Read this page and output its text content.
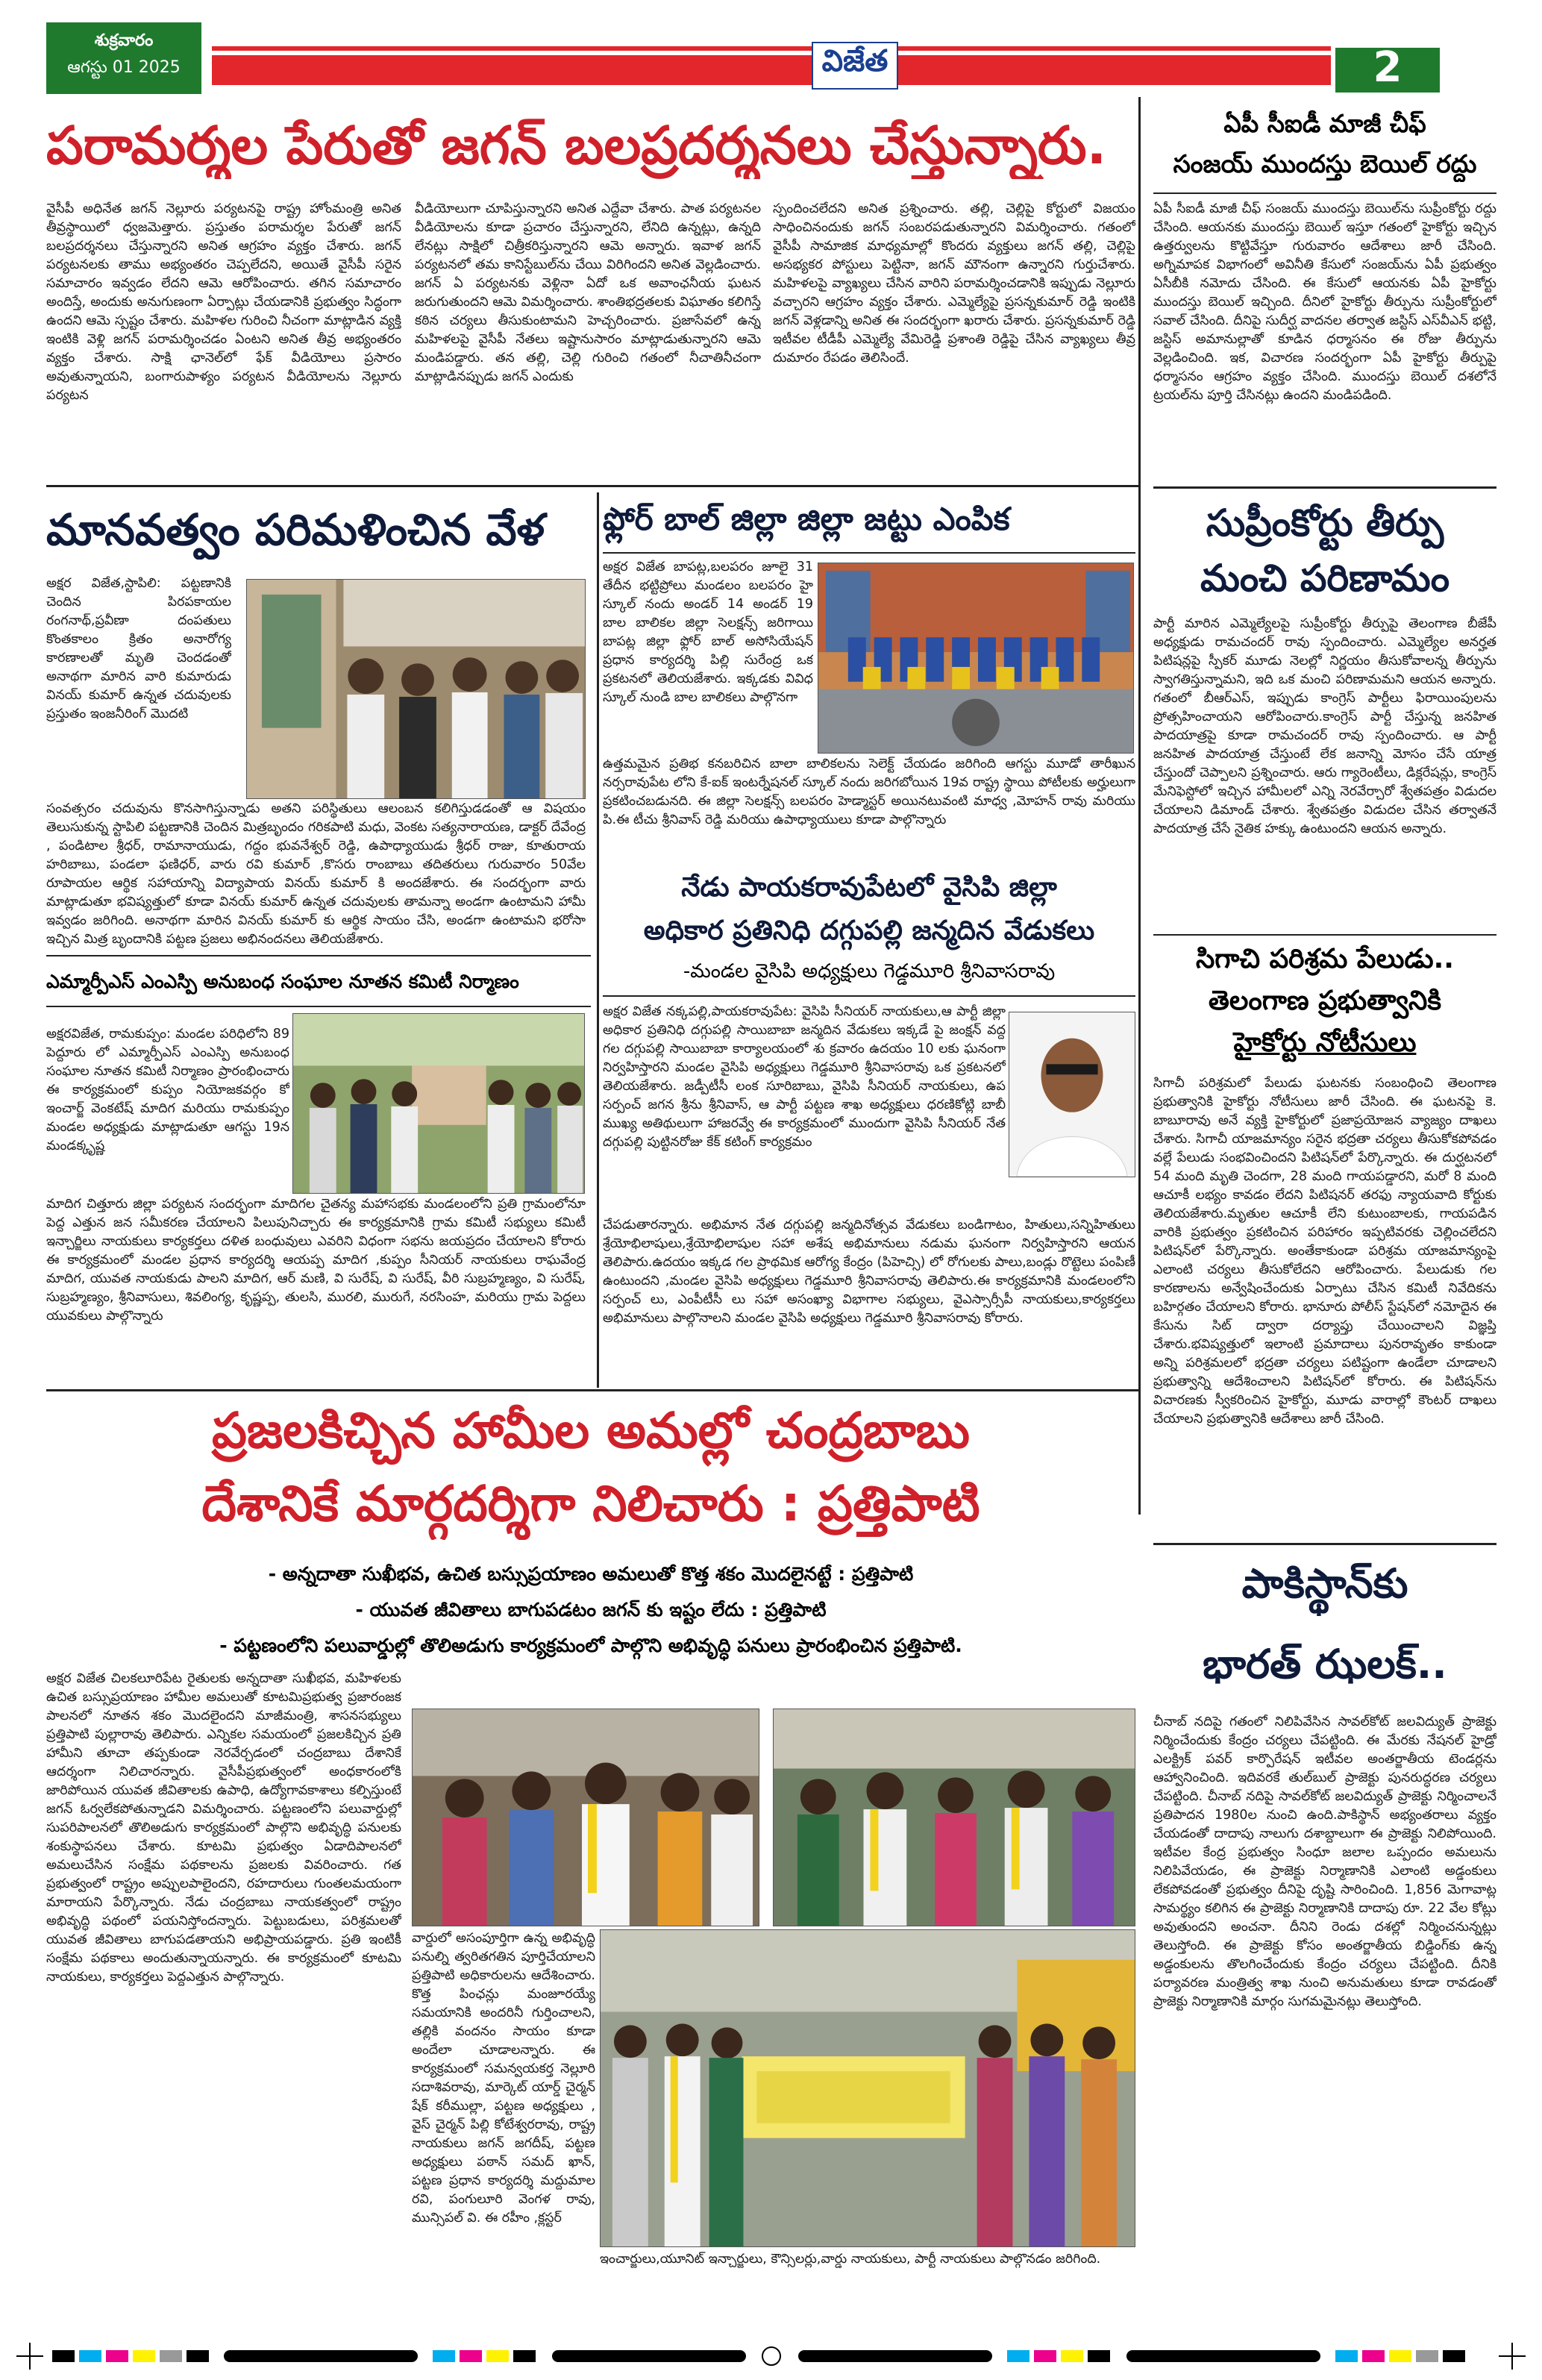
శుక్రవారం
ఆగస్టు 01 2025	విజేత	2
పరామర్శల పేరుతో జగన్ బలప్రదర్శనలు చేస్తున్నారు.
వైసీపీ అధినేత జగన్ నెల్లూరు పర్యటనపై రాష్ట్ర హోంమంత్రి అనిత తీవ్రస్థాయిలో ధ్వజమెత్తారు. ప్రస్తుతం పరామర్శల పేరుతో జగన్ బలప్రదర్శనలు చేస్తున్నారని అనిత ఆగ్రహం వ్యక్తం చేశారు. జగన్ పర్యటనలకు తాము అభ్యంతరం చెప్పలేదని, అయితే వైసీపీ సరైన సమాచారం ఇవ్వడం లేదని ఆమె ఆరోపించారు. తగిన సమాచారం అందిస్తే, అందుకు అనుగుణంగా ఏర్పాట్లు చేయడానికి ప్రభుత్వం సిద్ధంగా ఉందని ఆమె స్పష్టం చేశారు. మహిళల గురించి నీచంగా మాట్లాడిన వ్యక్తి ఇంటికి వెళ్లి జగన్ పరామర్శించడం ఏంటని అనిత తీవ్ర అభ్యంతరం వ్యక్తం చేశారు. సాక్షి ఛానెల్‌లో ఫేక్ వీడియోలు ప్రసారం అవుతున్నాయని, బంగారుపాళ్యం పర్యటన వీడియోలను నెల్లూరు పర్యటన
వీడియోలుగా చూపిస్తున్నారని అనిత ఎద్దేవా చేశారు. పాత పర్యటనల వీడియోలను కూడా ప్రచారం చేస్తున్నారని, లేనిది ఉన్నట్లు, ఉన్నది లేనట్లు సాక్షిలో చిత్రీకరిస్తున్నారని ఆమె అన్నారు. ఇవాళ జగన్ పర్యటనలో తమ కానిస్టేబుల్‌ను చేయి విరిగిందని అనిత వెల్లడించారు. జగన్ ఏ పర్యటనకు వెళ్లినా ఏదో ఒక అవాంఛనీయ ఘటన జరుగుతుందని ఆమె విమర్శించారు. శాంతిభద్రతలకు విఘాతం కలిగిస్తే కఠిన చర్యలు తీసుకుంటామని హెచ్చరించారు. ప్రజాసేవలో ఉన్న మహిళలపై వైసీపీ నేతలు ఇష్టానుసారం మాట్లాడుతున్నారని ఆమె మండిపడ్డారు. తన తల్లి, చెల్లి గురించి గతంలో నీచాతినీచంగా మాట్లాడినప్పుడు జగన్ ఎందుకు
స్పందించలేదని అనిత ప్రశ్నించారు. తల్లి, చెల్లిపై కోర్టులో విజయం సాధించినందుకు జగన్ సంబరపడుతున్నారని విమర్శించారు. గతంలో వైసీపీ సామాజిక మాధ్యమాల్లో కొందరు వ్యక్తులు జగన్ తల్లి, చెల్లిపై అసభ్యకర పోస్టులు పెట్టినా, జగన్ మౌనంగా ఉన్నారని గుర్తుచేశారు. మహిళలపై వ్యాఖ్యలు చేసిన వారిని పరామర్శించడానికి ఇప్పుడు నెల్లూరు వచ్చారని ఆగ్రహం వ్యక్తం చేశారు. ఎమ్మెల్యేపై ప్రసన్నకుమార్ రెడ్డి ఇంటికి జగన్ వెళ్లడాన్ని అనిత ఈ సందర్భంగా ఖరారు చేశారు. ప్రసన్నకుమార్ రెడ్డి ఇటీవల టీడీపీ ఎమ్మెల్యే వేమిరెడ్డి ప్రశాంతి రెడ్డిపై చేసిన వ్యాఖ్యలు తీవ్ర దుమారం రేపడం తెలిసిందే.
ఏపీ సీఐడీ మాజీ చీఫ్
సంజయ్ ముందస్తు బెయిల్ రద్దు
ఏపీ సీఐడీ మాజీ చీఫ్ సంజయ్ ముందస్తు బెయిల్‌ను సుప్రీంకోర్టు రద్దు చేసింది. ఆయనకు ముందస్తు బెయిల్ ఇస్తూ గతంలో హైకోర్టు ఇచ్చిన ఉత్తర్వులను కొట్టివేస్తూ గురువారం ఆదేశాలు జారీ చేసింది. అగ్నిమాపక విభాగంలో అవినీతి కేసులో సంజయ్‌ను ఏపీ ప్రభుత్వం ఏసీబీకి నమోదు చేసింది. ఈ కేసులో ఆయనకు ఏపీ హైకోర్టు ముందస్తు బెయిల్ ఇచ్చింది. దీనిలో హైకోర్టు తీర్పును సుప్రీంకోర్టులో సవాల్ చేసింది. దీనిపై సుదీర్ఘ వాదనల తర్వాత జస్టిస్ ఎస్‌వీఎన్ భట్టి, జస్టిస్ అమానుల్లాతో కూడిన ధర్మాసనం ఈ రోజు తీర్పును వెల్లడించింది. ఇక, విచారణ సందర్భంగా ఏపీ హైకోర్టు తీర్పుపై ధర్మాసనం ఆగ్రహం వ్యక్తం చేసింది. ముందస్తు బెయిల్ దశలోనే ట్రయల్‌ను పూర్తి చేసినట్లు ఉందని మండిపడింది.
మానవత్వం పరిమళించిన వేళ
అక్షర విజేత,స్టాపిలి: పట్టణానికి చెందిన పిరపకాయల రంగనాథ్,ప్రవీణా దంపతులు కొంతకాలం క్రితం అనారోగ్య కారణాలతో మృతి చెందడంతో అనాథగా మారిన వారి కుమారుడు వినయ్ కుమార్ ఉన్నత చదువులకు ప్రస్తుతం ఇంజనీరింగ్ మొదటి
సంవత్సరం చదువును కొనసాగిస్తున్నాడు అతని పరిస్థితులు ఆలంబన కలిగిస్తుడడంతో ఆ విషయం తెలుసుకున్న స్టాపిలి పట్టణానికి చెందిన మిత్రబృందం గరికపాటి మధు, వెంకట సత్యనారాయణ, డాక్టర్ దేవేంద్ర , పండిటాల శ్రీధర్, రామానాయుడు, గద్దం భువనేశ్వర్ రెడ్డి, ఉపాధ్యాయుడు శ్రీధర్ రాజు, కూతురాయ హరిబాబు, పండలా ఫణిధర్, వారు రవి కుమార్ ,కొసరు రాంబాబు తదితరులు గురువారం 50వేల రూపాయల ఆర్థిక సహాయాన్ని విద్యాపాయ వినయ్ కుమార్ కి అందజేశారు. ఈ సందర్భంగా వారు మాట్లాడుతూ భవిష్యత్తులో కూడా వినయ్ కుమార్ ఉన్నత చదువులకు తామన్నా అండగా ఉంటామని హామీ ఇవ్వడం జరిగింది. అనాథగా మారిన వినయ్ కుమార్ కు ఆర్థిక సాయం చేసి, అండగా ఉంటామని భరోసా ఇచ్చిన మిత్ర బృందానికి పట్టణ ప్రజలు అభినందనలు తెలియజేశారు.
ఎమ్మార్పీఎస్ ఎంఎస్పి అనుబంధ సంఘాల నూతన కమిటీ నిర్మాణం
అక్షరవిజేత, రామకుప్పం: మండల పరిధిలోని 89 పెద్దూరు లో ఎమ్మార్పీఎస్ ఎంఎస్పి అనుబంధ సంఘాల నూతన కమిటీ నిర్మాణం ప్రారంభించారు ఈ కార్యక్రమంలో కుప్పం నియోజకవర్గం కో ఇంచార్జ్ వెంకటేష్ మాదిగ మరియు రామకుప్పం మండల అధ్యక్షుడు మాట్లాడుతూ ఆగస్టు 19న మండక్కృష్ణ
మాదిగ చిత్తూరు జిల్లా పర్యటన సందర్భంగా మాదిగల చైతన్య మహాసభకు మండలంలోని ప్రతి గ్రామంలోనూ పెద్ద ఎత్తున జన సమీకరణ చేయాలని పిలుపునిచ్చారు ఈ కార్యక్రమానికి గ్రామ కమిటీ సభ్యులు కమిటీ ఇన్చార్జిలు నాయకులు కార్యకర్తలు దళిత బంధువులు ఎవరిని విధంగా సభను జయప్రదం చేయాలని కోరారు ఈ కార్యక్రమంలో మండల ప్రధాన కార్యదర్శి ఆయప్ప మాదిగ ,కుప్పం సీనియర్ నాయకులు రాఘవేంద్ర మాదిగ, యువత నాయకుడు పాలని మాదిగ, ఆర్ మణి, వి సురేష్, వి సురేష్, వీరి సుబ్రహ్మణ్యం, వి సురేష్, సుబ్రహ్మణ్యం, శ్రీనివాసులు, శివలింగ్య, కృష్ణప్ప, తులసి, మురలి, మురుగే, నరసింహ, మరియు గ్రామ పెద్దలు యువకులు పాల్గొన్నారు
ఫ్లోర్ బాల్ జిల్లా జిల్లా జట్టు ఎంపిక
అక్షర విజేత బాపట్ల,బలపరం జూలై 31 తేదీన భట్టిప్రోలు మండలం బలపరం హై స్కూల్ నందు అండర్ 14 అండర్ 19 బాల బాలికల జిల్లా సెలక్షన్స్ జరిగాయి బాపట్ల జిల్లా ఫ్లోర్ బాల్ అసోసియేషన్ ప్రధాన కార్యదర్శి పిల్లి సురేంద్ర ఒక ప్రకటనలో తెలియజేశారు. ఇక్కడకు వివిధ స్కూల్ నుండి బాల బాలికలు పాల్గొనగా
ఉత్తమమైన ప్రతిభ కనబరిచిన బాలా బాలికలను సెలెక్ట్ చేయడం జరిగింది ఆగస్టు మూడో తారీఖున నర్సరావుపేట లోని కే-ఐక్ ఇంటర్నేషనల్ స్కూల్ నందు జరిగబోయిన 19వ రాష్ట్ర స్థాయి పోటీలకు అర్హులుగా ప్రకటించబడునది. ఈ జిల్లా సెలక్షన్స్ బలపరం హెడ్మాస్టర్ అయినటువంటి మాధ్వ ,మోహన్ రావు మరియు పి.ఈ టీచు శ్రీనివాస్ రెడ్డి మరియు ఉపాధ్యాయులు కూడా పాల్గొన్నారు
నేడు పాయకరావుపేటలో వైసిపి జిల్లా
అధికార ప్రతినిధి దగ్గుపల్లి జన్మదిన వేడుకలు
-మండల వైసిపి అధ్యక్షులు గెడ్డమూరి శ్రీనివాసరావు
అక్షర విజేత నక్కపల్లి,పాయకరావుపేట: వైసిపి సీనియర్ నాయకులు,ఆ పార్టీ జిల్లా అధికార ప్రతినిధి దగ్గుపల్లి సాయిబాబా జన్మదిన వేడుకలు ఇక్కడే పై జంక్షన్ వద్ద గల దగ్గుపల్లి సాయిబాబా కార్యాలయంలో శు క్రవారం ఉదయం 10 లకు ఘనంగా నిర్వహిస్తారని మండల వైసిపి అధ్యక్షులు గెడ్డమూరి శ్రీనివాసరావు ఒక ప్రకటనలో తెలియజేశారు. జడ్పీటీసీ లంక సూరిబాబు, వైసిపి సీనియర్ నాయకులు, ఉప సర్పంచ్ జగన శ్రీను శ్రీనివాస్, ఆ పార్టీ పట్టణ శాఖ అధ్యక్షులు ధరణికోట్లి బాబీ ముఖ్య అతిథులుగా హాజరవ్వే ఈ కార్యక్రమంలో ముందుగా వైసిపి సీనియర్ నేత దగ్గుపల్లి పుట్టినరోజు కేక్ కటింగ్ కార్యక్రమం
చేపడుతారన్నారు. అభిమాన నేత దగ్గుపల్లి జన్మదినోత్సవ వేడుకలు బండిగాటం, హితులు,సన్నిహితులు శ్రేయోభిలాషులు,శ్రేయోభిలాషుల సహా అశేష అభిమానులు నడుమ ఘనంగా నిర్వహిస్తారని ఆయన తెలిపారు.ఉదయం ఇక్కడ గల ప్రాథమిక ఆరోగ్య కేంద్రం (పిహెచ్సి) లో రోగులకు పాలు,బండ్లు రొట్టెలు పంపిణీ ఉంటుందని ,మండల వైసిపి అధ్యక్షులు గెడ్డమూరి శ్రీనివాసరావు తెలిపారు.ఈ కార్యక్రమానికి మండలంలోని సర్పంచ్ లు, ఎంపీటీసీ లు సహా అసంఖ్యా విభాగాల సభ్యులు, వైఎస్సార్సీపీ నాయకులు,కార్యకర్తలు అభిమానులు పాల్గొనాలని మండల వైసిపి అధ్యక్షులు గెడ్డమూరి శ్రీనివాసరావు కోరారు.
సుప్రీంకోర్టు తీర్పు
మంచి పరిణామం
పార్టీ మారిన ఎమ్మెల్యేలపై సుప్రీంకోర్టు తీర్పుపై తెలంగాణ బీజేపీ అధ్యక్షుడు రామచందర్ రావు స్పందించారు. ఎమ్మెల్యేల అనర్హత పిటిషన్లపై స్పీకర్ మూడు నెలల్లో నిర్ణయం తీసుకోవాలన్న తీర్పును స్వాగతిస్తున్నామని, ఇది ఒక మంచి పరిణామమని ఆయన అన్నారు. గతంలో బీఆర్‌ఎస్, ఇప్పుడు కాంగ్రెస్ పార్టీలు ఫిరాయింపులను ప్రోత్సహించాయని ఆరోపించారు.కాంగ్రెస్ పార్టీ చేస్తున్న జనహిత పాదయాత్రపై కూడా రామచందర్ రావు స్పందించారు. ఆ పార్టీ జనహిత పాదయాత్ర చేస్తుంటే లేక జనాన్ని మోసం చేసే యాత్ర చేస్తుందో చెప్పాలని ప్రశ్నించారు. ఆరు గ్యారెంటీలు, డిక్లరేషన్లు, కాంగ్రెస్ మేనిఫెస్టోలో ఇచ్చిన హామీలలో ఎన్ని నెరవేర్చారో శ్వేతపత్రం విడుదల చేయాలని డిమాండ్ చేశారు. శ్వేతపత్రం విడుదల చేసిన తర్వాతనే పాదయాత్ర చేసే నైతిక హక్కు ఉంటుందని ఆయన అన్నారు.
సిగాచి పరిశ్రమ పేలుడు..
తెలంగాణ ప్రభుత్వానికి
హైకోర్టు నోటీసులు
సిగాచీ పరిశ్రమలో పేలుడు ఘటనకు సంబంధించి తెలంగాణ ప్రభుత్వానికి హైకోర్టు నోటీసులు జారీ చేసింది. ఈ ఘటనపై కె. బాబూరావు అనే వ్యక్తి హైకోర్టులో ప్రజాప్రయోజన వ్యాజ్యం దాఖలు చేశారు. సిగాచీ యాజమాన్యం సరైన భద్రతా చర్యలు తీసుకోకపోవడం వల్లే పేలుడు సంభవించిందని పిటిషన్‌లో పేర్కొన్నారు. ఈ దుర్ఘటనలో 54 మంది మృతి చెందగా, 28 మంది గాయపడ్డారని, మరో 8 మంది ఆచూకీ లభ్యం కావడం లేదని పిటిషనర్ తరఫు న్యాయవాది కోర్టుకు తెలియజేశారు.మృతుల ఆచూకీ లేని కుటుంబాలకు, గాయపడిన వారికి ప్రభుత్వం ప్రకటించిన పరిహారం ఇప్పటివరకు చెల్లించలేదని పిటిషన్‌లో పేర్కొన్నారు. అంతేకాకుండా పరిశ్రమ యాజమాన్యంపై ఎలాంటి చర్యలు తీసుకోలేదని ఆరోపించారు. పేలుడుకు గల కారణాలను అన్వేషించేందుకు ఏర్పాటు చేసిన కమిటీ నివేదికను బహిర్గతం చేయాలని కోరారు. భానూరు పోలీస్ స్టేషన్‌లో నమోదైన ఈ కేసును సిట్ ద్వారా దర్యాప్తు చేయించాలని విజ్ఞప్తి చేశారు.భవిష్యత్తులో ఇలాంటి ప్రమాదాలు పునరావృతం కాకుండా అన్ని పరిశ్రమలలో భద్రతా చర్యలు పటిష్టంగా ఉండేలా చూడాలని ప్రభుత్వాన్ని ఆదేశించాలని పిటిషన్‌లో కోరారు. ఈ పిటిషన్‌ను విచారణకు స్వీకరించిన హైకోర్టు, మూడు వారాల్లో కౌంటర్ దాఖలు చేయాలని ప్రభుత్వానికి ఆదేశాలు జారీ చేసింది.
ప్రజలకిచ్చిన హామీల అమల్లో చంద్రబాబు
దేశానికే మార్గదర్శిగా నిలిచారు : ప్రత్తిపాటి
- అన్నదాతా సుఖీభవ, ఉచిత బస్సుప్రయాణం అమలుతో కొత్త శకం మొదలైనట్టే : ప్రత్తిపాటి
- యువత జీవితాలు బాగుపడటం జగన్ కు ఇష్టం లేదు : ప్రత్తిపాటి
- పట్టణంలోని పలువార్డుల్లో తొలిఅడుగు కార్యక్రమంలో పాల్గొని అభివృద్ధి పనులు ప్రారంభించిన ప్రత్తిపాటి.
అక్షర విజేత చిలకలూరిపేట రైతులకు అన్నదాతా సుఖీభవ, మహిళలకు ఉచిత బస్సుప్రయాణం హామీల అమలుతో కూటమిప్రభుత్వ ప్రజారంజక పాలనలో నూతన శకం మొదలైందని మాజీమంత్రి, శాసనసభ్యులు ప్రత్తిపాటి పుల్లారావు తెలిపారు. ఎన్నికల సమయంలో ప్రజలకిచ్చిన ప్రతి హామీని తూచా తప్పకుండా నెరవేర్చడంలో చంద్రబాబు దేశానికే ఆదర్శంగా నిలిచారన్నారు. వైసీపీప్రభుత్వంలో అంధకారంలోకి జారిపోయిన యువత జీవితాలకు ఉపాధి, ఉద్యోగావకాశాలు కల్పిస్తుంటే జగన్ ఓర్వలేకపోతున్నాడని విమర్శించారు. పట్టణంలోని పలువార్డుల్లో సుపరిపాలనలో తొలిఅడుగు కార్యక్రమంలో పాల్గొని అభివృద్ధి పనులకు శంకుస్థాపనలు చేశారు. కూటమి ప్రభుత్వం ఏడాదిపాలనలో అమలుచేసిన సంక్షేమ పథకాలను ప్రజలకు వివరించారు. గత ప్రభుత్వంలో రాష్ట్రం అప్పులపాలైందని, రహదారులు గుంతలమయంగా మారాయని పేర్కొన్నారు. నేడు చంద్రబాబు నాయకత్వంలో రాష్ట్రం అభివృద్ధి పథంలో పయనిస్తోందన్నారు. పెట్టుబడులు, పరిశ్రమలతో యువత జీవితాలు బాగుపడతాయని అభిప్రాయపడ్డారు. ప్రతి ఇంటికీ సంక్షేమ పథకాలు అందుతున్నాయన్నారు. ఈ కార్యక్రమంలో కూటమి నాయకులు, కార్యకర్తలు పెద్దఎత్తున పాల్గొన్నారు.
వార్డులో అసంపూర్తిగా ఉన్న అభివృద్ధి పనుల్ని త్వరితగతిన పూర్తిచేయాలని ప్రత్తిపాటి అధికారులను ఆదేశించారు. కొత్త పింఛన్లు మంజూరయ్యే సమయానికి అందరినీ గుర్తించాలని, తల్లికి వందనం సాయం కూడా అందేలా చూడాలన్నారు. ఈ కార్యక్రమంలో సమన్వయకర్త నెల్లూరి సదాశివరావు, మార్కెట్ యార్డ్ చైర్మన్ షేక్ కరీముల్లా, పట్టణ అధ్యక్షులు , వైస్ చైర్మన్ పిల్లి కోటేశ్వరరావు, రాష్ట్ర నాయకులు జగన్ జగదీష్, పట్టణ అధ్యక్షులు పఠాన్ సమద్ ఖాన్, పట్టణ ప్రధాన కార్యదర్శి మద్దుమాల రవి, పంగులూరి వెంగళ రావు, మున్సిపల్ వి. ఈ రహీం ,క్లస్టర్
ఇంచార్జులు,యూనిట్ ఇన్చార్జులు, కౌన్సిలర్లు,వార్డు నాయకులు, పార్టీ నాయకులు పాల్గొనడం జరిగింది.
పాకిస్థాన్‌కు
భారత్ ఝలక్..
చీనాబ్ నదిపై గతంలో నిలిపివేసిన సావల్‌కోట్ జలవిద్యుత్ ప్రాజెక్టు నిర్మించేందుకు కేంద్రం చర్యలు చేపట్టింది. ఈ మేరకు నేషనల్ హైడ్రో ఎలక్ట్రిక్ పవర్ కార్పొరేషన్ ఇటీవల అంతర్జాతీయ టెండర్లను ఆహ్వానించింది. ఇదివరకే తుల్‌బుల్ ప్రాజెక్టు పునరుద్ధరణ చర్యలు చేపట్టింది. చీనాబ్ నదిపై సావల్‌కోట్ జలవిద్యుత్ ప్రాజెక్టు నిర్మించాలనే ప్రతిపాదన 1980ల నుంచి ఉంది.పాకిస్థాన్ అభ్యంతరాలు వ్యక్తం చేయడంతో దాదాపు నాలుగు దశాబ్దాలుగా ఈ ప్రాజెక్టు నిలిపోయింది. ఇటీవల కేంద్ర ప్రభుత్వం సింధూ జలాల ఒప్పందం అమలును నిలిపివేయడం, ఈ ప్రాజెక్టు నిర్మాణానికి ఎలాంటి అడ్డంకులు లేకపోవడంతో ప్రభుత్వం దీనిపై దృష్టి సారించింది. 1,856 మెగావాట్ల సామర్థ్యం కలిగిన ఈ ప్రాజెక్టు నిర్మాణానికి దాదాపు రూ. 22 వేల కోట్లు అవుతుందని అంచనా. దీనిని రెండు దశల్లో నిర్మించనున్నట్లు తెలుస్తోంది. ఈ ప్రాజెక్టు కోసం అంతర్జాతీయ బిడ్డింగ్‌కు ఉన్న అడ్డంకులను తొలగించేందుకు కేంద్రం చర్యలు చేపట్టింది. దీనికి పర్యావరణ మంత్రిత్వ శాఖ నుంచి అనుమతులు కూడా రావడంతో ప్రాజెక్టు నిర్మాణానికి మార్గం సుగమమైనట్లు తెలుస్తోంది.
